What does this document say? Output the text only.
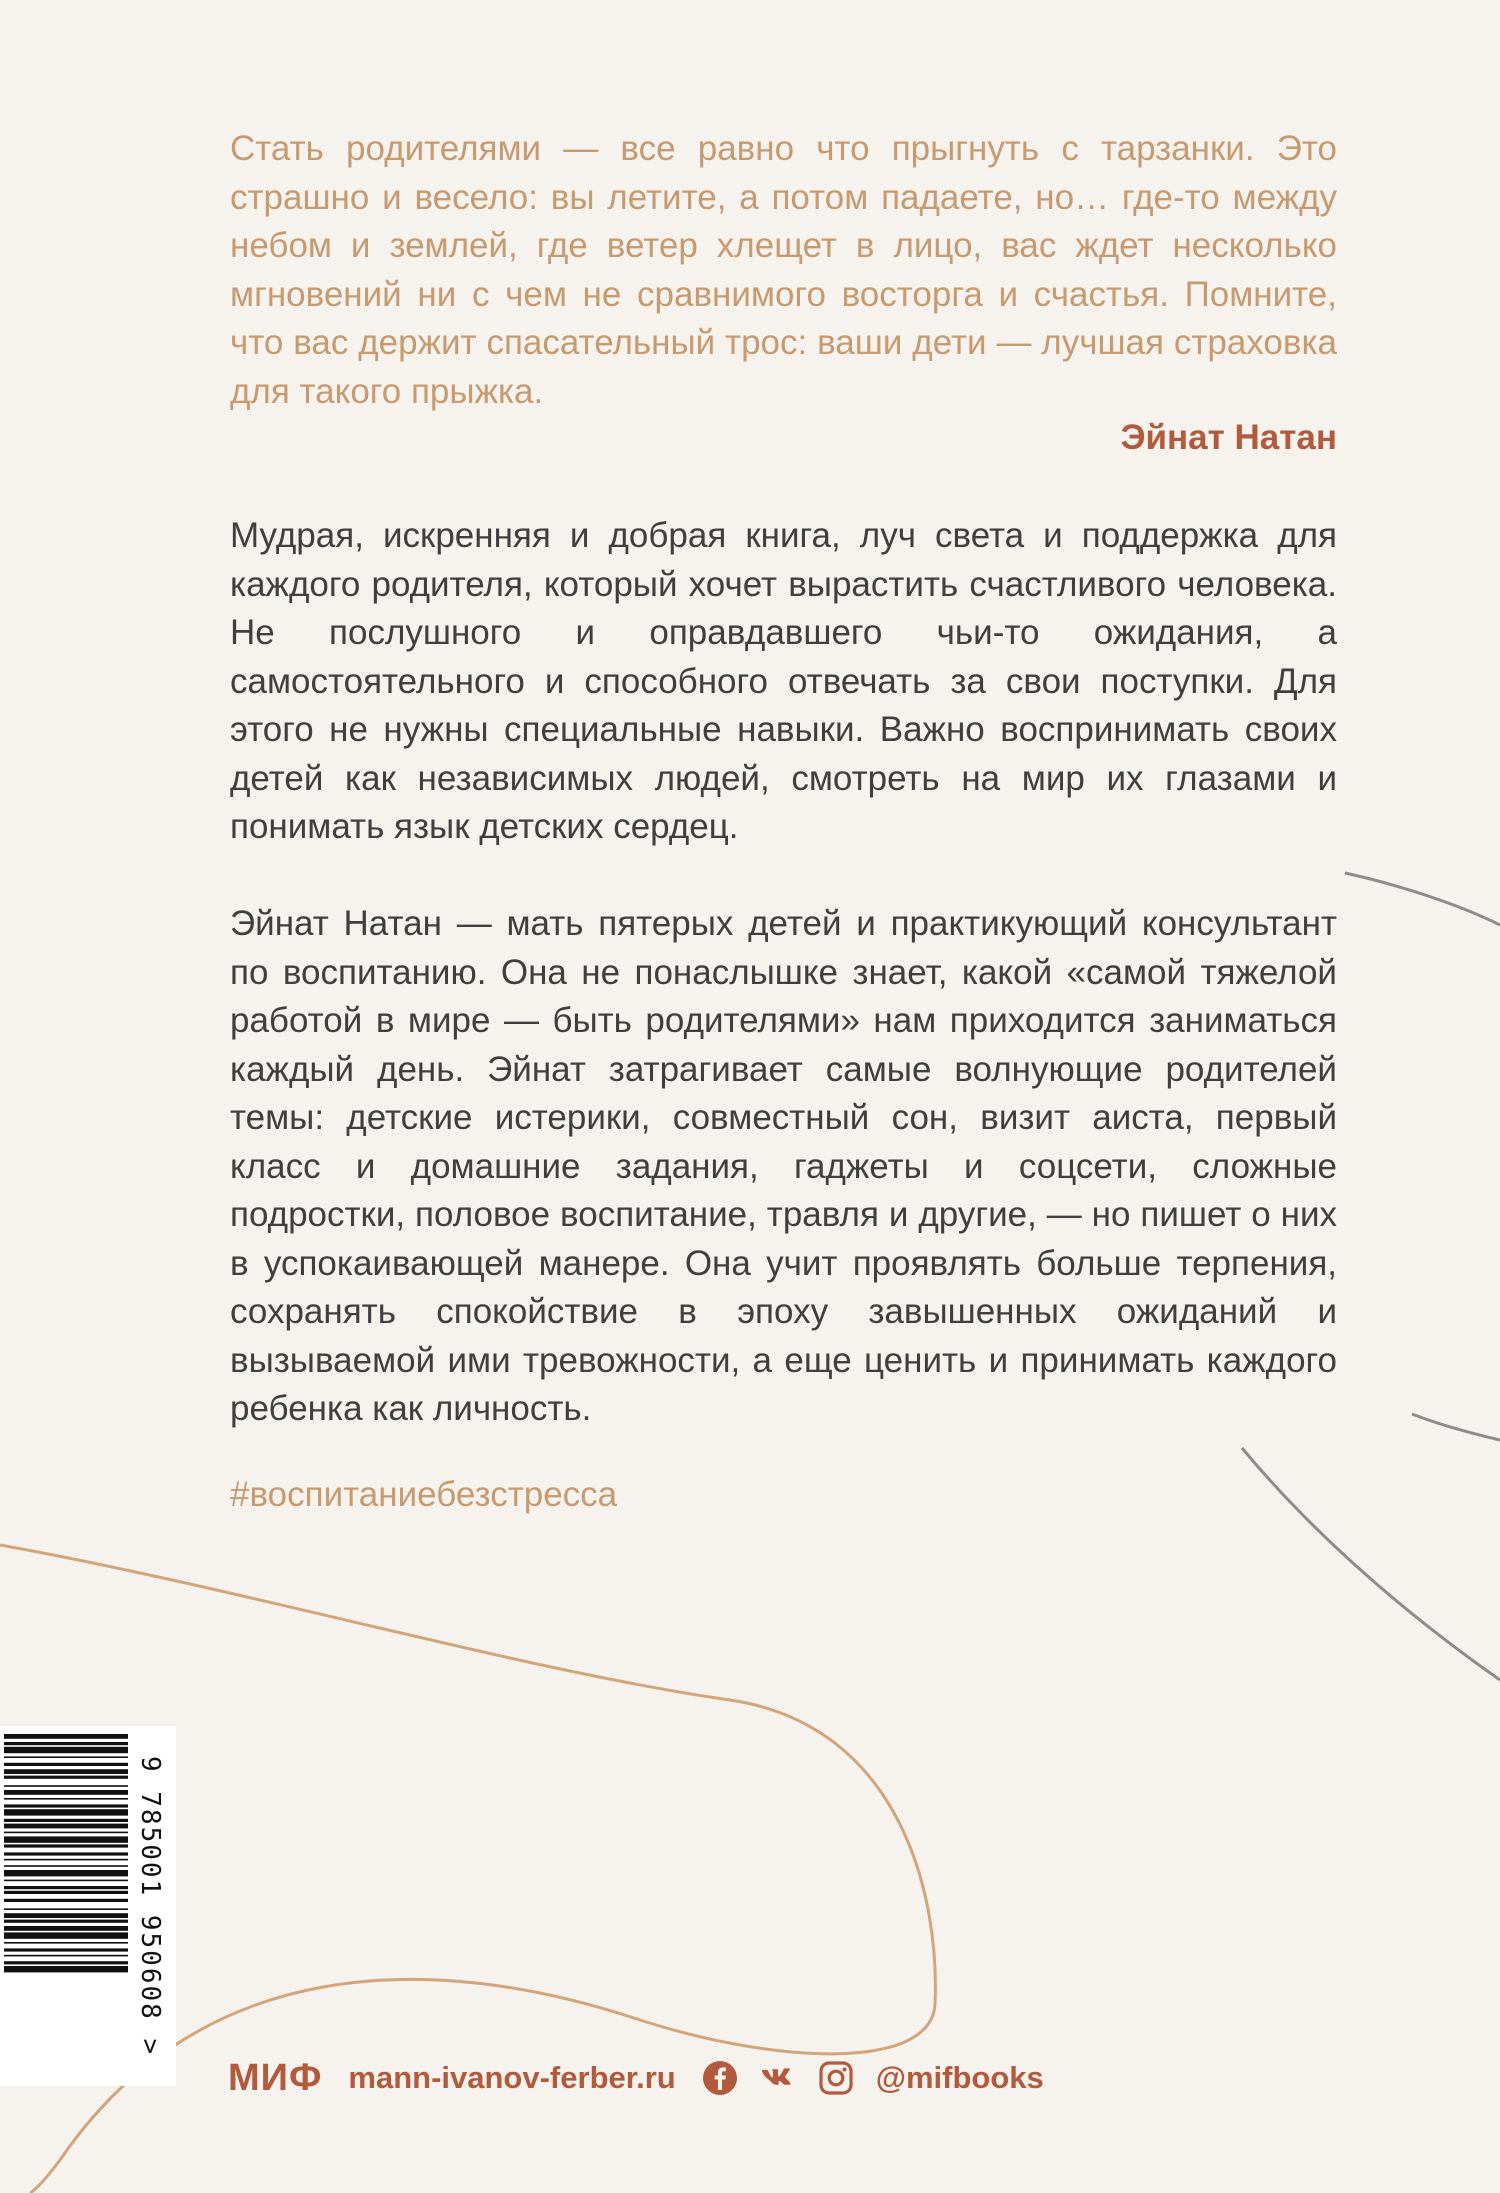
Стать родителями — все равно что прыгнуть с тарзанки. Это страшно и весело: вы летите, а потом падаете, но… где-то между небом и землей, где ветер хлещет в лицо, вас ждет несколько мгновений ни с чем не сравнимого восторга и счастья. Помните, что вас держит спасательный трос: ваши дети — лучшая страховка для такого прыжка.

Эйнат Натан

Мудрая, искренняя и добрая книга, луч света и поддержка для каждого родителя, который хочет вырастить счастливого человека. Не послушного и оправдавшего чьи-то ожидания, а самостоятельного и способного отвечать за свои поступки. Для этого не нужны специальные навыки. Важно воспринимать своих детей как независимых людей, смотреть на мир их глазами и понимать язык детских сердец.

Эйнат Натан — мать пятерых детей и практикующий консультант по воспитанию. Она не понаслышке знает, какой «самой тяжелой работой в мире — быть родителями» нам приходится заниматься каждый день. Эйнат затрагивает самые волнующие родителей темы: детские истерики, совместный сон, визит аиста, первый класс и домашние задания, гаджеты и соцсети, сложные подростки, половое воспитание, травля и другие, — но пишет о них в успокаивающей манере. Она учит проявлять больше терпения, сохранять спокойствие в эпоху завышенных ожиданий и вызываемой ими тревожности, а еще ценить и принимать каждого ребенка как личность.

#воспитаниебезстресса

9 785001 950608 >
МИФ mann-ivanov-ferber.ru	@mifbooks
